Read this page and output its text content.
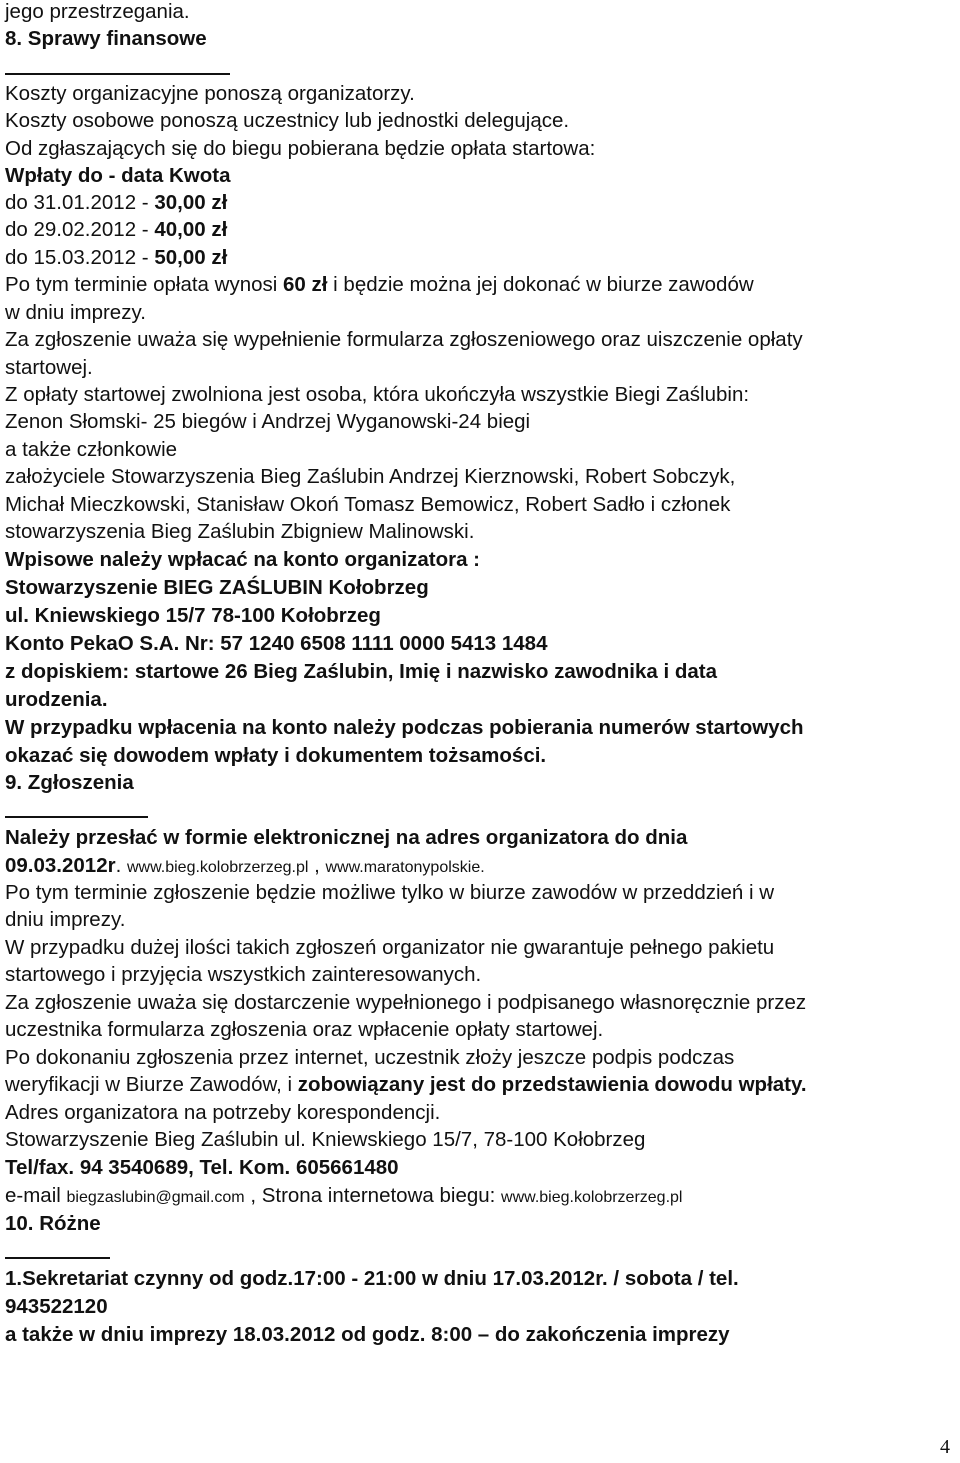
jego przestrzegania.
8. Sprawy finansowe
Koszty organizacyjne ponoszą organizatorzy.
Koszty osobowe ponoszą uczestnicy lub jednostki delegujące.
Od zgłaszających się do biegu pobierana będzie opłata startowa:
Wpłaty do - data Kwota
do 31.01.2012 - 30,00 zł
do 29.02.2012 - 40,00 zł
do 15.03.2012 - 50,00 zł
Po tym terminie opłata wynosi 60 zł i będzie można jej dokonać w biurze zawodów
w dniu imprezy.
Za zgłoszenie uważa się wypełnienie formularza zgłoszeniowego oraz uiszczenie opłaty
startowej.
Z opłaty startowej zwolniona jest osoba, która ukończyła wszystkie Biegi Zaślubin:
Zenon Słomski- 25 biegów i Andrzej Wyganowski-24 biegi
a także członkowie
założyciele Stowarzyszenia Bieg Zaślubin Andrzej Kierznowski, Robert Sobczyk,
Michał Mieczkowski, Stanisław Okoń Tomasz Bemowicz, Robert Sadło i członek
stowarzyszenia Bieg Zaślubin Zbigniew Malinowski.
Wpisowe należy wpłacać na konto organizatora :
Stowarzyszenie BIEG ZAŚLUBIN Kołobrzeg
ul. Kniewskiego 15/7 78-100 Kołobrzeg
Konto PekaO S.A. Nr: 57 1240 6508 1111 0000 5413 1484
z dopiskiem: startowe 26 Bieg Zaślubin, Imię i nazwisko zawodnika i data
urodzenia.
W przypadku wpłacenia na konto należy podczas pobierania numerów startowych
okazać się dowodem wpłaty i dokumentem tożsamości.
9. Zgłoszenia
Należy przesłać w formie elektronicznej na adres organizatora do dnia
09.03.2012r. www.bieg.kolobrzerzeg.pl , www.maratonypolskie.
Po tym terminie zgłoszenie będzie możliwe tylko w biurze zawodów w przeddzień i w
dniu imprezy.
W przypadku dużej ilości takich zgłoszeń organizator nie gwarantuje pełnego pakietu
startowego i przyjęcia wszystkich zainteresowanych.
Za zgłoszenie uważa się dostarczenie wypełnionego i podpisanego własnoręcznie przez
uczestnika formularza zgłoszenia oraz wpłacenie opłaty startowej.
Po dokonaniu zgłoszenia przez internet, uczestnik złoży jeszcze podpis podczas
weryfikacji w Biurze Zawodów, i zobowiązany jest do przedstawienia dowodu wpłaty.
Adres organizatora na potrzeby korespondencji.
Stowarzyszenie Bieg Zaślubin ul. Kniewskiego 15/7, 78-100 Kołobrzeg
Tel/fax. 94 3540689, Tel. Kom. 605661480
e-mail biegzaslubin@gmail.com , Strona internetowa biegu: www.bieg.kolobrzerzeg.pl
10. Różne
1.Sekretariat czynny od godz.17:00 - 21:00 w dniu 17.03.2012r. / sobota / tel.
943522120
a także w dniu imprezy 18.03.2012 od godz. 8:00 – do zakończenia imprezy
4
